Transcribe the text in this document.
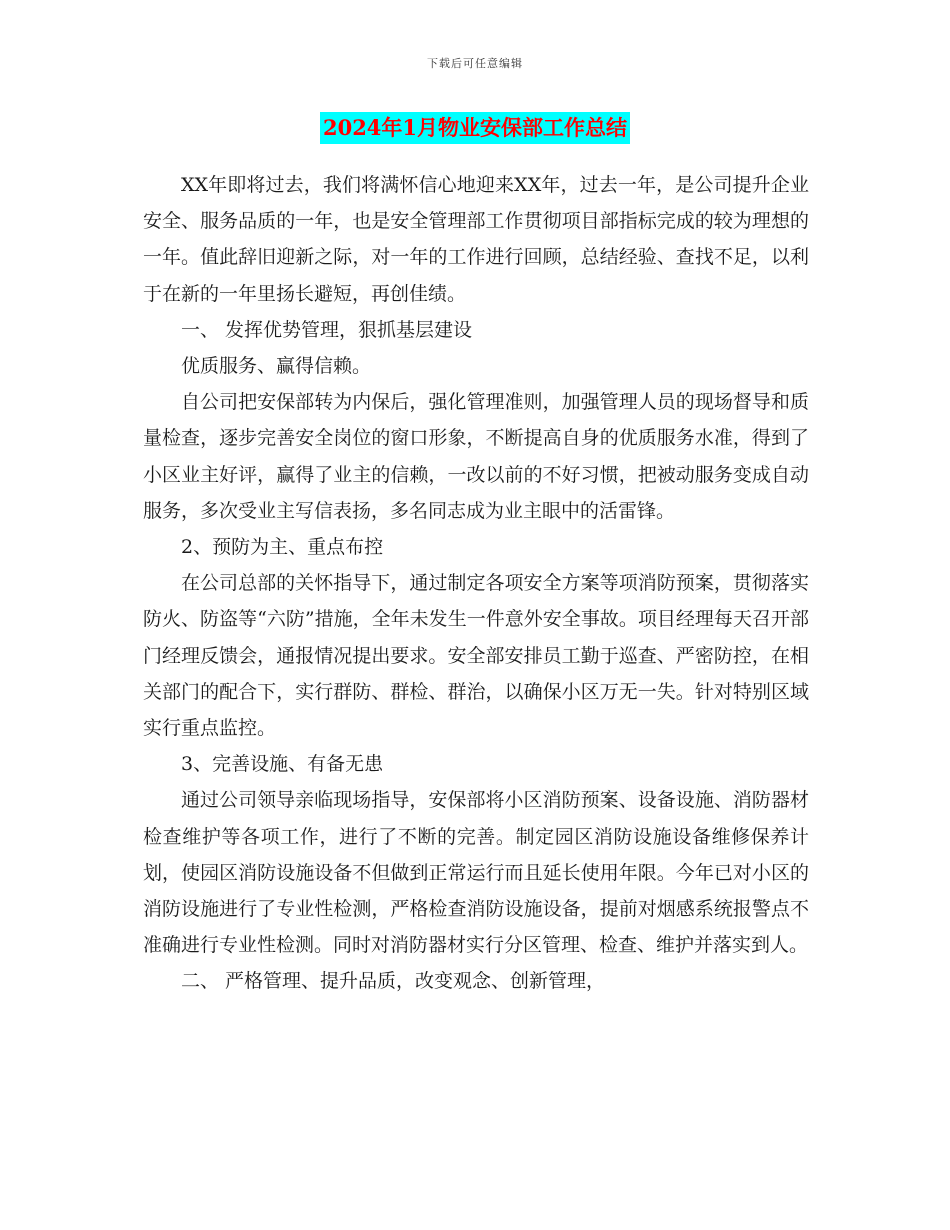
下载后可任意编辑
2024年1月物业安保部工作总结

XX年即将过去，我们将满怀信心地迎来XX年，过去一年，是公司提升企业安全、服务品质的一年，也是安全管理部工作贯彻项目部指标完成的较为理想的一年。值此辞旧迎新之际，对一年的工作进行回顾，总结经验、查找不足，以利于在新的一年里扬长避短，再创佳绩。

一、 发挥优势管理，狠抓基层建设

优质服务、赢得信赖。

自公司把安保部转为内保后，强化管理准则，加强管理人员的现场督导和质量检查，逐步完善安全岗位的窗口形象，不断提高自身的优质服务水准，得到了小区业主好评，赢得了业主的信赖，一改以前的不好习惯，把被动服务变成自动服务，多次受业主写信表扬，多名同志成为业主眼中的活雷锋。

2、预防为主、重点布控

在公司总部的关怀指导下，通过制定各项安全方案等项消防预案，贯彻落实防火、防盗等“六防”措施，全年未发生一件意外安全事故。项目经理每天召开部门经理反馈会，通报情况提出要求。安全部安排员工勤于巡查、严密防控，在相关部门的配合下，实行群防、群检、群治，以确保小区万无一失。针对特别区域实行重点监控。

3、完善设施、有备无患

通过公司领导亲临现场指导，安保部将小区消防预案、设备设施、消防器材检查维护等各项工作，进行了不断的完善。制定园区消防设施设备维修保养计划，使园区消防设施设备不但做到正常运行而且延长使用年限。今年已对小区的消防设施进行了专业性检测，严格检查消防设施设备，提前对烟感系统报警点不准确进行专业性检测。同时对消防器材实行分区管理、检查、维护并落实到人。

二、 严格管理、提升品质，改变观念、创新管理，
